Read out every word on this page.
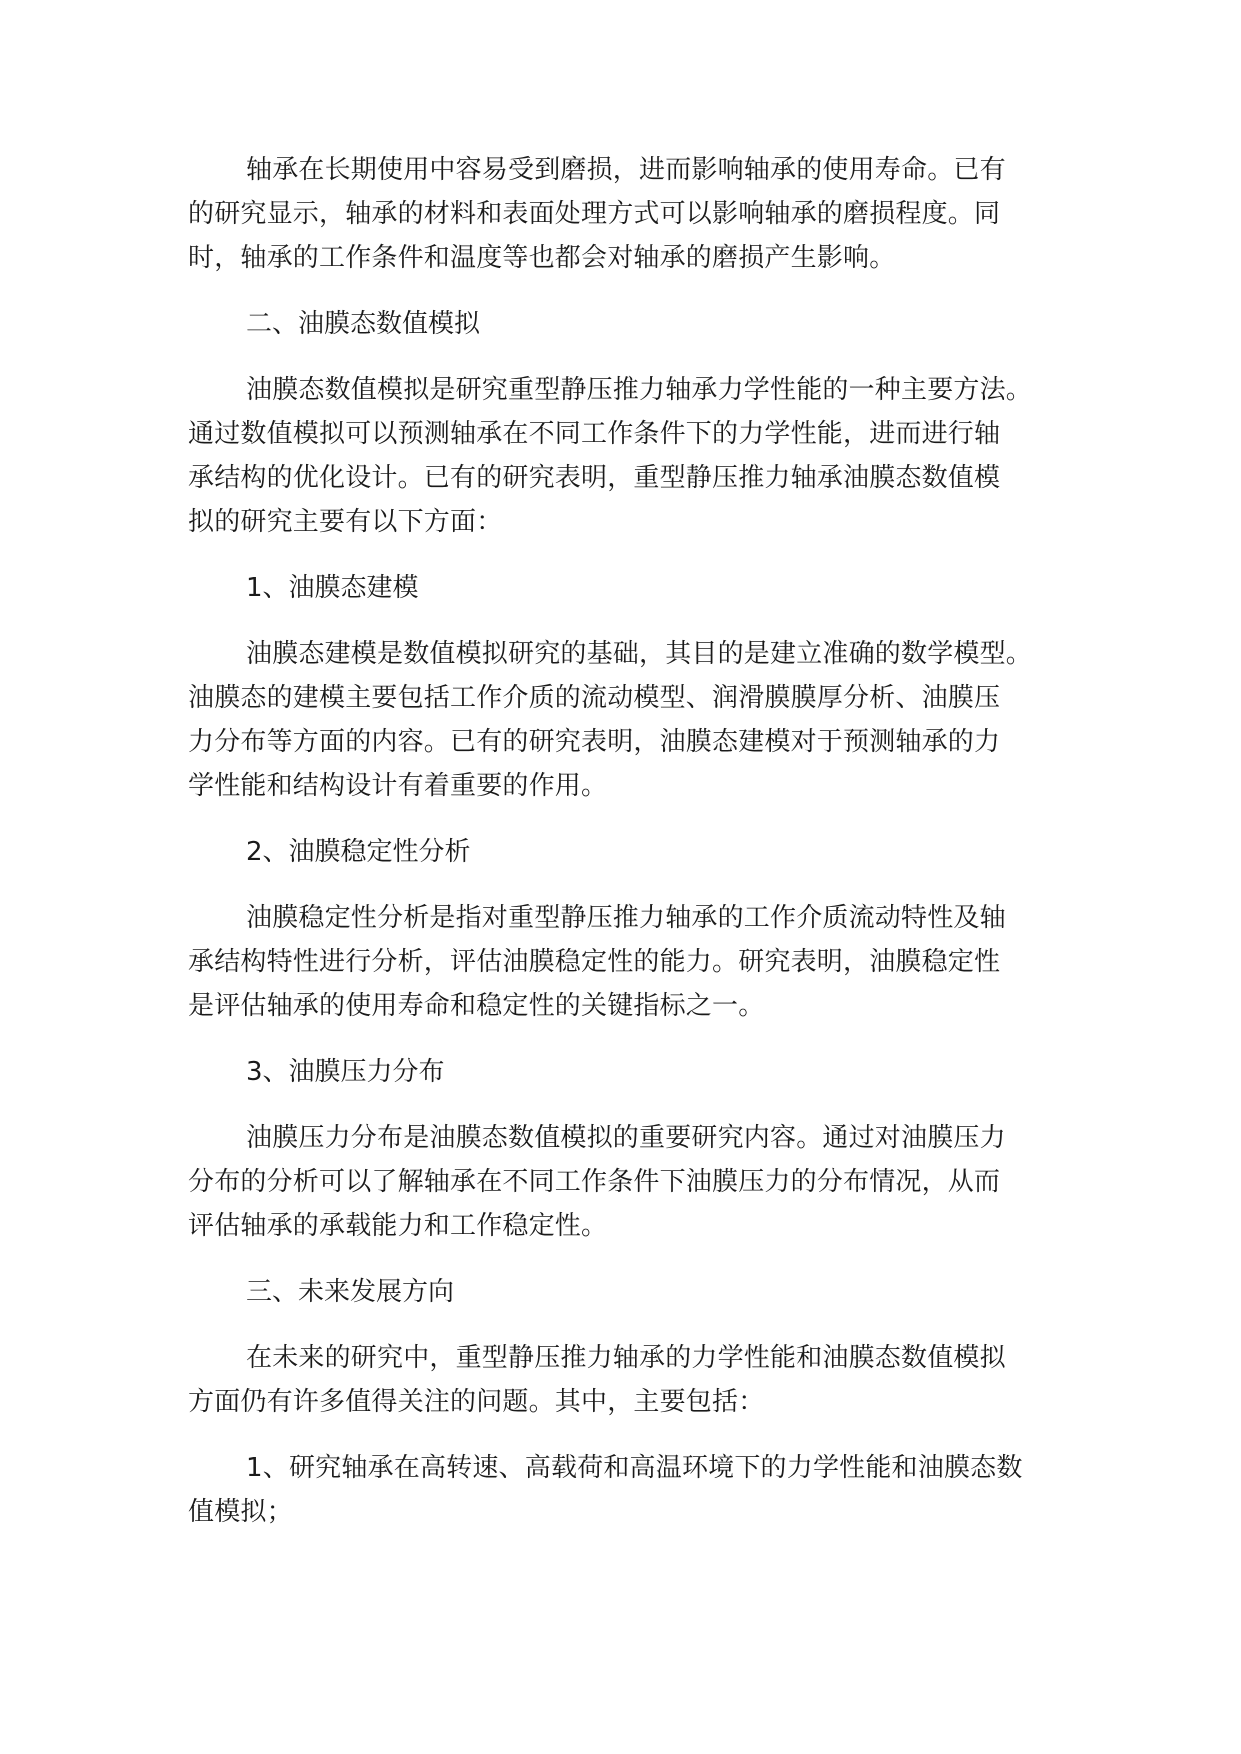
轴承在长期使用中容易受到磨损，进而影响轴承的使用寿命。已有
的研究显示，轴承的材料和表面处理方式可以影响轴承的磨损程度。同
时，轴承的工作条件和温度等也都会对轴承的磨损产生影响。

二、油膜态数值模拟

油膜态数值模拟是研究重型静压推力轴承力学性能的一种主要方法。
通过数值模拟可以预测轴承在不同工作条件下的力学性能，进而进行轴
承结构的优化设计。已有的研究表明，重型静压推力轴承油膜态数值模
拟的研究主要有以下方面：

1、油膜态建模

油膜态建模是数值模拟研究的基础，其目的是建立准确的数学模型。
油膜态的建模主要包括工作介质的流动模型、润滑膜膜厚分析、油膜压
力分布等方面的内容。已有的研究表明，油膜态建模对于预测轴承的力
学性能和结构设计有着重要的作用。

2、油膜稳定性分析

油膜稳定性分析是指对重型静压推力轴承的工作介质流动特性及轴
承结构特性进行分析，评估油膜稳定性的能力。研究表明，油膜稳定性
是评估轴承的使用寿命和稳定性的关键指标之一。

3、油膜压力分布

油膜压力分布是油膜态数值模拟的重要研究内容。通过对油膜压力
分布的分析可以了解轴承在不同工作条件下油膜压力的分布情况，从而
评估轴承的承载能力和工作稳定性。

三、未来发展方向

在未来的研究中，重型静压推力轴承的力学性能和油膜态数值模拟
方面仍有许多值得关注的问题。其中，主要包括：

1、研究轴承在高转速、高载荷和高温环境下的力学性能和油膜态数
值模拟；
